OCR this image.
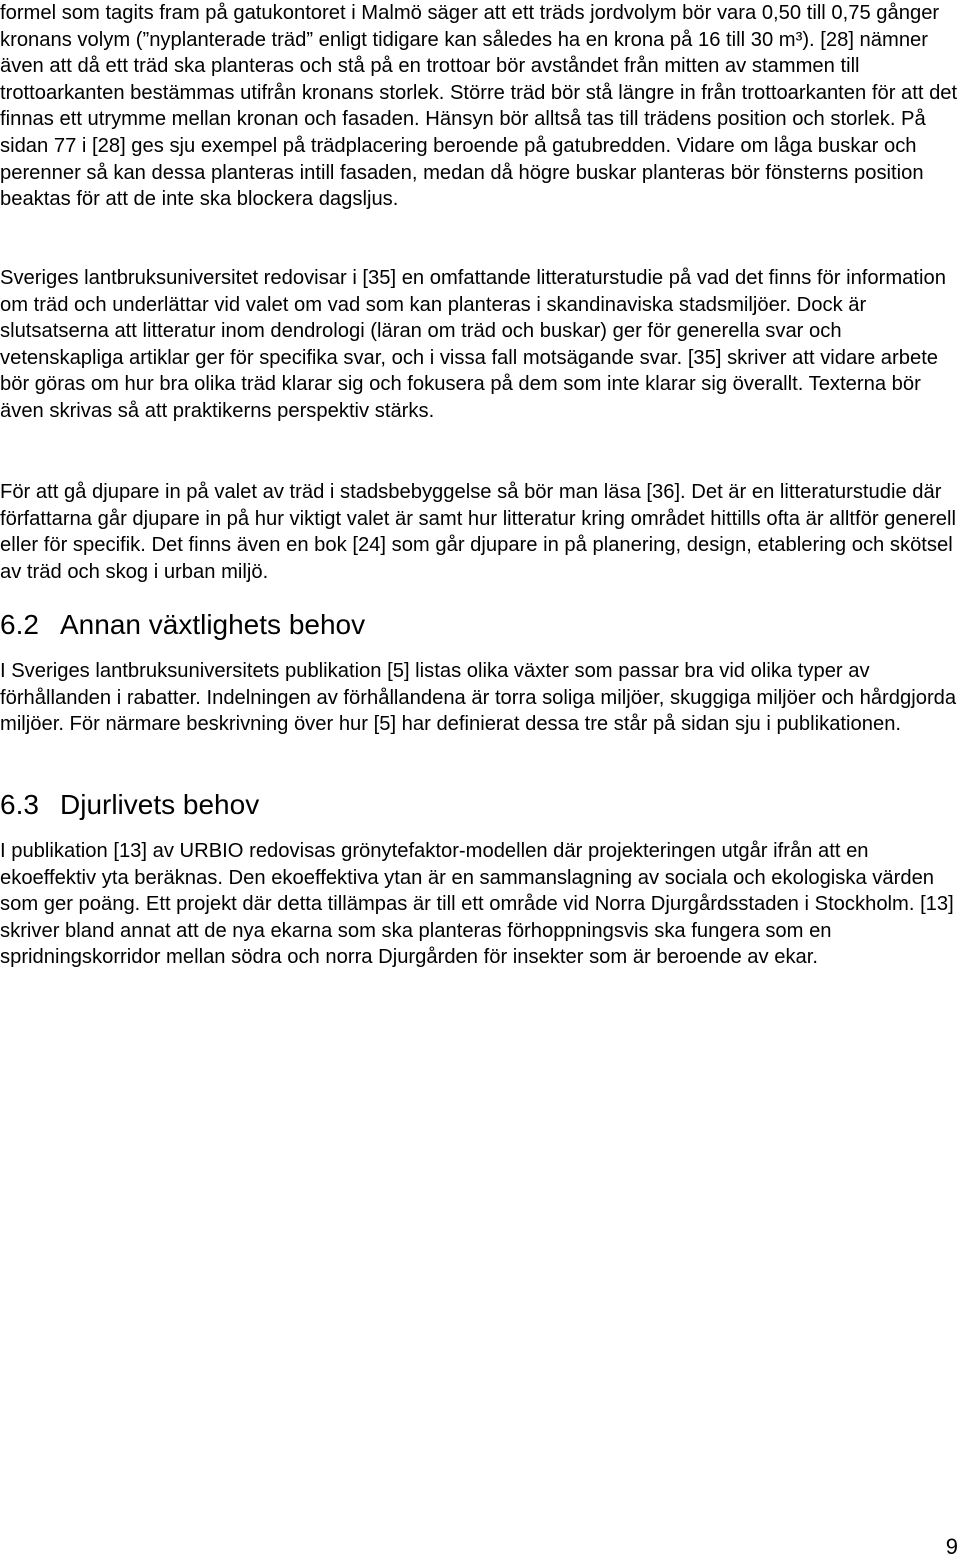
formel som tagits fram på gatukontoret i Malmö säger att ett träds jordvolym bör vara 0,50 till 0,75 gånger kronans volym (”nyplanterade träd” enligt tidigare kan således ha en krona på 16 till 30 m³). [28] nämner även att då ett träd ska planteras och stå på en trottoar bör avståndet från mitten av stammen till trottoarkanten bestämmas utifrån kronans storlek. Större träd bör stå längre in från trottoarkanten för att det finnas ett utrymme mellan kronan och fasaden. Hänsyn bör alltså tas till trädens position och storlek. På sidan 77 i [28] ges sju exempel på trädplacering beroende på gatubredden. Vidare om låga buskar och perenner så kan dessa planteras intill fasaden, medan då högre buskar planteras bör fönsterns position beaktas för att de inte ska blockera dagsljus.

Sveriges lantbruksuniversitet redovisar i [35] en omfattande litteraturstudie på vad det finns för information om träd och underlättar vid valet om vad som kan planteras i skandinaviska stadsmiljöer. Dock är slutsatserna att litteratur inom dendrologi (läran om träd och buskar) ger för generella svar och vetenskapliga artiklar ger för specifika svar, och i vissa fall motsägande svar. [35] skriver att vidare arbete bör göras om hur bra olika träd klarar sig och fokusera på dem som inte klarar sig överallt. Texterna bör även skrivas så att praktikerns perspektiv stärks.

För att gå djupare in på valet av träd i stadsbebyggelse så bör man läsa [36]. Det är en litteraturstudie där författarna går djupare in på hur viktigt valet är samt hur litteratur kring området hittills ofta är alltför generell eller för specifik. Det finns även en bok [24] som går djupare in på planering, design, etablering och skötsel av träd och skog i urban miljö.

6.2 Annan växtlighets behov

I Sveriges lantbruksuniversitets publikation [5] listas olika växter som passar bra vid olika typer av förhållanden i rabatter. Indelningen av förhållandena är torra soliga miljöer, skuggiga miljöer och hårdgjorda miljöer. För närmare beskrivning över hur [5] har definierat dessa tre står på sidan sju i publikationen.

6.3 Djurlivets behov

I publikation [13] av URBIO redovisas grönytefaktor-modellen där projekteringen utgår ifrån att en ekoeffektiv yta beräknas. Den ekoeffektiva ytan är en sammanslagning av sociala och ekologiska värden som ger poäng. Ett projekt där detta tillämpas är till ett område vid Norra Djurgårdsstaden i Stockholm. [13] skriver bland annat att de nya ekarna som ska planteras förhoppningsvis ska fungera som en spridningskorridor mellan södra och norra Djurgården för insekter som är beroende av ekar.

9
